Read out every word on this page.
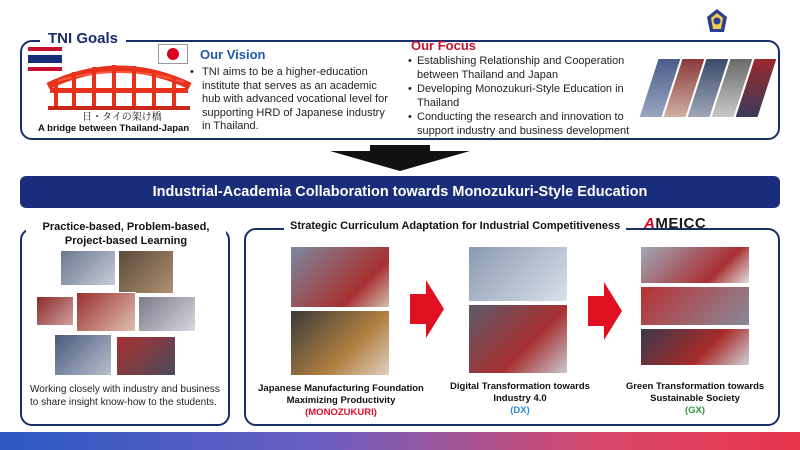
TNI Goals
日・タイの架け橋
A bridge between Thailand-Japan
Our Vision
• TNI aims to be a higher-education
institute that serves as an academic
hub with advanced vocational level for
supporting HRD of Japanese industry
in Thailand.
Our Focus
• Establishing Relationship and Cooperation between Thailand and Japan
• Developing Monozukuri-Style Education in Thailand
• Conducting the research and innovation to support industry and business development
Industrial-Academia Collaboration towards Monozukuri-Style Education
Practice-based, Problem-based, Project-based Learning
Working closely with industry and business to share insight know-how to the students.
Strategic Curriculum Adaptation for Industrial Competitiveness	AMEICC
Japanese Manufacturing Foundation Maximizing Productivity
(MONOZUKURI)
Digital Transformation towards Industry 4.0
(DX)
Green Transformation towards Sustainable Society
(GX)
